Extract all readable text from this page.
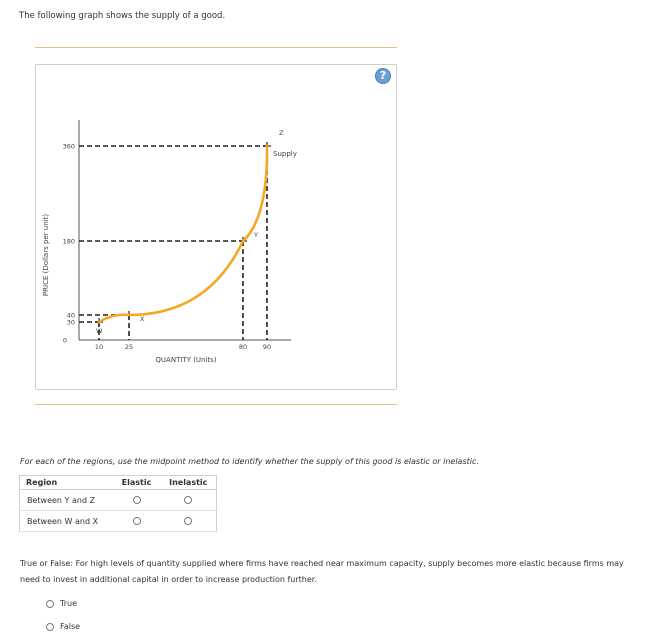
The following graph shows the supply of a good.
?
PRICE (Dollars per unit)
QUANTITY (Units)
0
30
40
180
360
10	25	80 90
W
X
Y
Z
Supply
For each of the regions, use the midpoint method to identify whether the supply of this good is elastic or inelastic.
Region	Elastic	Inelastic
Between Y and Z		
Between W and X		
True or False: For high levels of quantity supplied where firms have reached near maximum capacity, supply becomes more elastic because firms may need to invest in additional capital in order to increase production further.
True
False
